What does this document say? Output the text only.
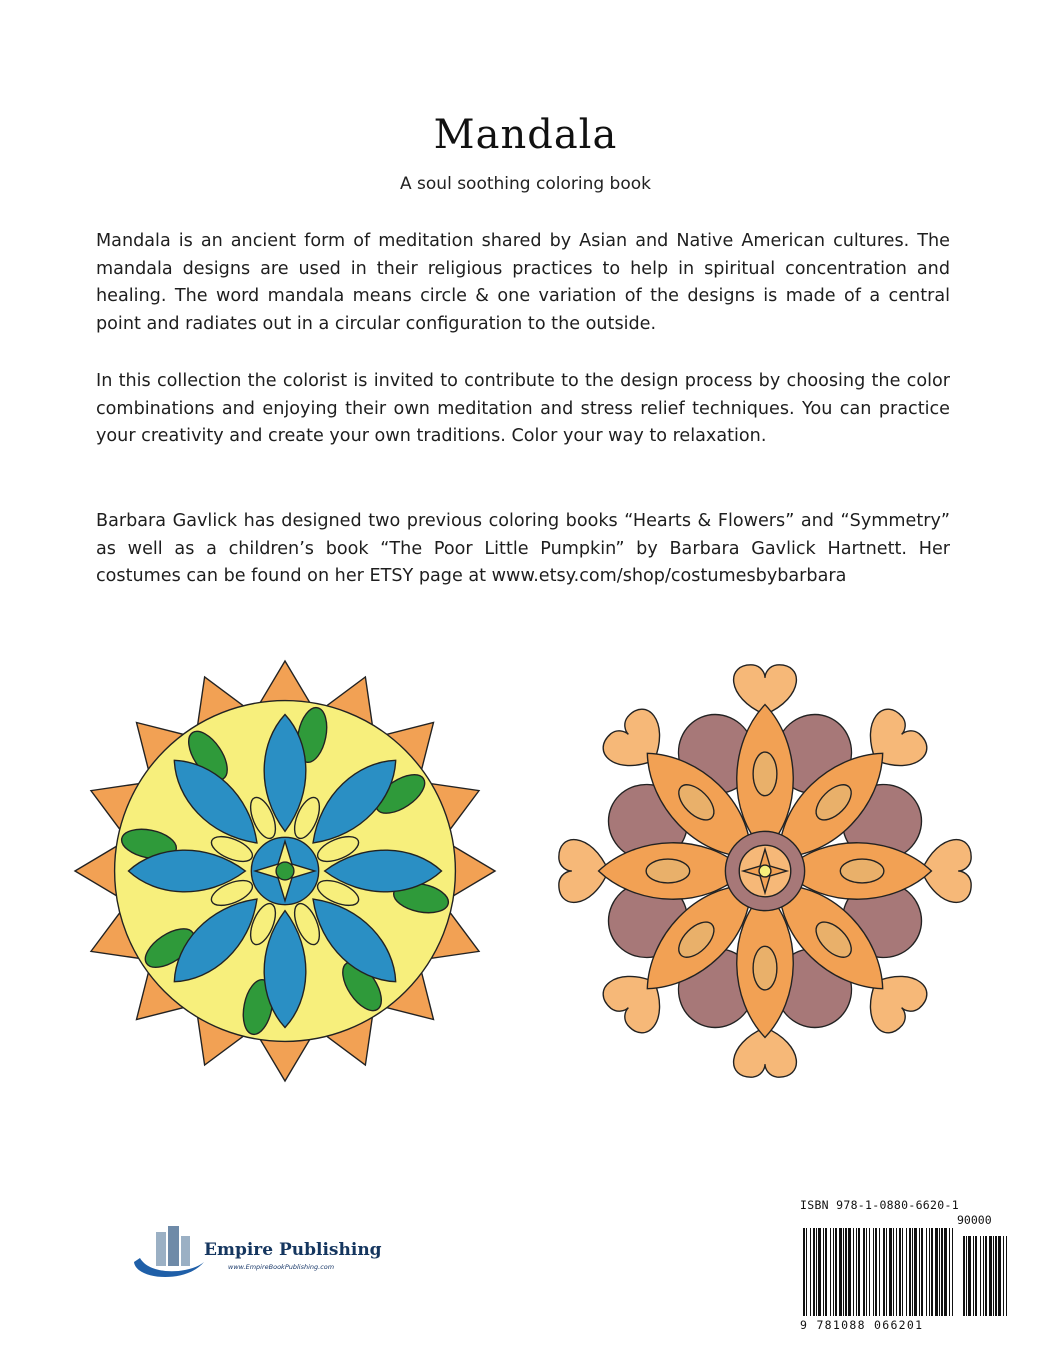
Mandala
A soul soothing coloring book

Mandala is an ancient form of meditation shared by Asian and Native American cultures. The mandala designs are used in their religious practices to help in spiritual concentration and healing. The word mandala means circle & one variation of the designs is made of a central point and radiates out in a circular configuration to the outside.

In this collection the colorist is invited to contribute to the design process by choosing the color combinations and enjoying their own meditation and stress relief techniques. You can practice your creativity and create your own traditions. Color your way to relaxation.

Barbara Gavlick has designed two previous coloring books “Hearts & Flowers” and “Symmetry” as well as a children’s book “The Poor Little Pumpkin” by Barbara Gavlick Hartnett. Her costumes can be found on her ETSY page at www.etsy.com/shop/costumesbybarbara

Empire Publishing
www.EmpireBookPublishing.com
ISBN 978-1-0880-6620-1
90000
9 781088 066201
